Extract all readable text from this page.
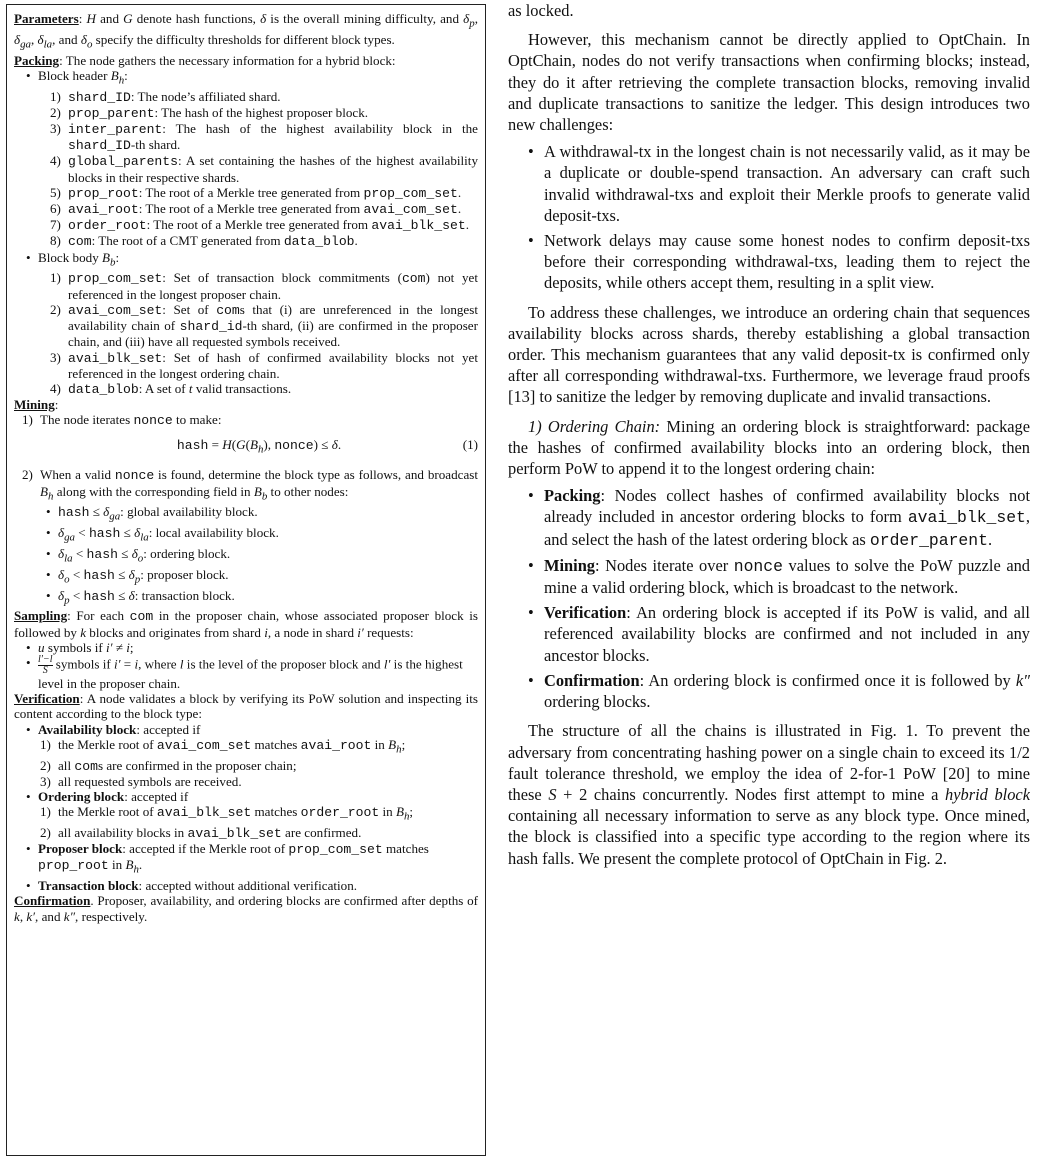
Parameters: H and G denote hash functions, δ is the overall mining difficulty, and $\delta_p$, $\delta_{ga}$, $\delta_{la}$, and $\delta_o$ specify the difficulty thresholds for different block types.

Packing: The node gathers the necessary information for a hybrid block:

• Block header $B_h$:
shard_ID: The node’s affiliated shard.
prop_parent: The hash of the highest proposer block.
inter_parent: The hash of the highest availability block in the shard_ID-th shard.
global_parents: A set containing the hashes of the highest availability blocks in their respective shards.
prop_root: The root of a Merkle tree generated from prop_com_set.
avai_root: The root of a Merkle tree generated from avai_com_set.
order_root: The root of a Merkle tree generated from avai_blk_set.
com: The root of a CMT generated from data_blob.
• Block body $B_b$:
prop_com_set: Set of transaction block commitments (com) not yet referenced in the longest proposer chain.
avai_com_set: Set of coms that (i) are unreferenced in the longest availability chain of shard_id-th shard, (ii) are confirmed in the proposer chain, and (iii) have all requested symbols received.
avai_blk_set: Set of hash of confirmed availability blocks not yet referenced in the longest ordering chain.
data_blob: A set of t valid transactions.

Mining:

The node iterates nonce to make:
hash = $H(G(B_h)$, nonce) ≤ δ.	(1)
When a valid nonce is found, determine the block type as follows, and broadcast $B_h$ along with the corresponding field in $B_b$ to other nodes:
• hash ≤ $\delta_{ga}$: global availability block.
• $\delta_{ga}$ < hash ≤ $\delta_{la}$: local availability block.
• $\delta_{la}$ < hash ≤ $\delta_o$: ordering block.
• $\delta_o$ < hash ≤ $\delta_p$: proposer block.
• $\delta_p$ < hash ≤ δ: transaction block.

Sampling: For each com in the proposer chain, whose associated proposer block is followed by k blocks and originates from shard i, a node in shard i′ requests:

• u symbols if i′ ≠ i;
• $\frac{l'-l}{S}$ symbols if i′ = i, where l is the level of the proposer block and l′ is the highest level in the proposer chain.

Verification: A node validates a block by verifying its PoW solution and inspecting its content according to the block type:

• Availability block: accepted if
the Merkle root of avai_com_set matches avai_root in $B_h$;
all coms are confirmed in the proposer chain;
all requested symbols are received.
• Ordering block: accepted if
the Merkle root of avai_blk_set matches order_root in $B_h$;
all availability blocks in avai_blk_set are confirmed.
• Proposer block: accepted if the Merkle root of prop_com_set matches prop_root in $B_h$.
• Transaction block: accepted without additional verification.

Confirmation. Proposer, availability, and ordering blocks are confirmed after depths of k, k′, and k″, respectively.

as locked.

However, this mechanism cannot be directly applied to OptChain. In OptChain, nodes do not verify transactions when confirming blocks; instead, they do it after retrieving the complete transaction blocks, removing invalid and duplicate transactions to sanitize the ledger. This design introduces two new challenges:

• A withdrawal-tx in the longest chain is not necessarily valid, as it may be a duplicate or double-spend transaction. An adversary can craft such invalid withdrawal-txs and exploit their Merkle proofs to generate valid deposit-txs.
• Network delays may cause some honest nodes to confirm deposit-txs before their corresponding withdrawal-txs, leading them to reject the deposits, while others accept them, resulting in a split view.

To address these challenges, we introduce an ordering chain that sequences availability blocks across shards, thereby establishing a global transaction order. This mechanism guarantees that any valid deposit-tx is confirmed only after all corresponding withdrawal-txs. Furthermore, we leverage fraud proofs [13] to sanitize the ledger by removing duplicate and invalid transactions.

1) Ordering Chain: Mining an ordering block is straightforward: package the hashes of confirmed availability blocks into an ordering block, then perform PoW to append it to the longest ordering chain:

• Packing: Nodes collect hashes of confirmed availability blocks not already included in ancestor ordering blocks to form avai_blk_set, and select the hash of the latest ordering block as order_parent.
• Mining: Nodes iterate over nonce values to solve the PoW puzzle and mine a valid ordering block, which is broadcast to the network.
• Verification: An ordering block is accepted if its PoW is valid, and all referenced availability blocks are confirmed and not included in any ancestor blocks.
• Confirmation: An ordering block is confirmed once it is followed by k″ ordering blocks.

The structure of all the chains is illustrated in Fig. 1. To prevent the adversary from concentrating hashing power on a single chain to exceed its 1/2 fault tolerance threshold, we employ the idea of 2-for-1 PoW [20] to mine these S + 2 chains concurrently. Nodes first attempt to mine a hybrid block containing all necessary information to serve as any block type. Once mined, the block is classified into a specific type according to the region where its hash falls. We present the complete protocol of OptChain in Fig. 2.
